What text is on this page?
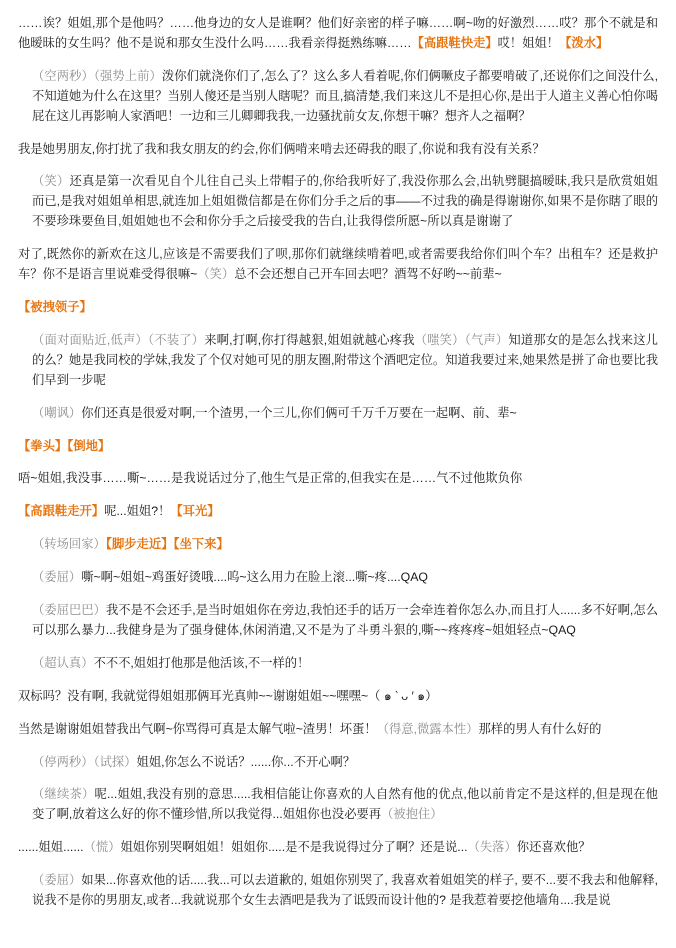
……诶？姐姐,那个是他吗？……他身边的女人是谁啊？他们好亲密的样子嘛……啊~吻的好激烈……哎？那个不就是和他暧昧的女生吗？他不是说和那女生没什么吗……我看亲得挺熟练嘛……【高跟鞋快走】哎！姐姐！【泼水】

（空两秒）（强势上前）泼你们就浇你们了,怎么了？这么多人看着呢,你们俩噘皮子都要啃破了,还说你们之间没什么,不知道她为什么在这里？当别人傻还是当别人瞎呢？而且,搞清楚,我们来这儿不是担心你,是出于人道主义善心怕你喝屁在这儿再影响人家酒吧！一边和三儿卿卿我我,一边骚扰前女友,你想干嘛？想齐人之福啊？

我是她男朋友,你打扰了我和我女朋友的约会,你们俩啃来啃去还碍我的眼了,你说和我有没有关系？

（笑）还真是第一次看见自个儿往自己头上带帽子的,你给我听好了,我没你那么会,出轨劈腿搞暧昧,我只是欣赏姐姐而已,是我对姐姐单相思,就连加上姐姐微信都是在你们分手之后的事——不过我的确是得谢谢你,如果不是你瞎了眼的不要珍珠要鱼目,姐姐她也不会和你分手之后接受我的告白,让我得偿所愿~所以真是谢谢了

对了,既然你的新欢在这儿,应该是不需要我们了呗,那你们就继续啃着吧,或者需要我给你们叫个车？出租车？还是救护车？你不是语言里说难受得很嘛~（笑）总不会还想自己开车回去吧？酒驾不好哟~~前辈~

【被拽领子】

（面对面贴近,低声）（不装了）来啊,打啊,你打得越狠,姐姐就越心疼我（嗤笑）（气声）知道那女的是怎么找来这儿的么？她是我同校的学妹,我发了个仅对她可见的朋友圈,附带这个酒吧定位。知道我要过来,她果然是拼了命也要比我们早到一步呢

（嘲讽）你们还真是很爱对啊,一个渣男,一个三儿,你们俩可千万千万要在一起啊、前、辈~

【拳头】【倒地】

唔~姐姐,我没事……嘶~……是我说话过分了,他生气是正常的,但我实在是……气不过他欺负你

【高跟鞋走开】呢...姐姐?！【耳光】

（转场回家）【脚步走近】【坐下来】

（委屈）嘶~啊~姐姐~鸡蛋好烫哦....呜~这么用力在脸上滚...嘶~疼....QAQ

（委屈巴巴）我不是不会还手,是当时姐姐你在旁边,我怕还手的话万一会牵连着你怎么办,而且打人......多不好啊,怎么可以那么暴力...我健身是为了强身健体,休闲消遣,又不是为了斗勇斗狠的,嘶~~疼疼疼~姐姐轻点~QAQ

（超认真）不不不,姐姐打他那是他活该,不一样的！

双标吗？没有啊, 我就觉得姐姐那俩耳光真帅~~谢谢姐姐~~嘿嘿~（ ๑ ‵ ᴗ ′ ๑）

当然是谢谢姐姐替我出气啊~你骂得可真是太解气啦~渣男！坏蛋！（得意,微露本性）那样的男人有什么好的

（停两秒）（试探）姐姐,你怎么不说话？......你...不开心啊？

（继续茶）呢...姐姐,我没有别的意思.....我相信能让你喜欢的人自然有他的优点,他以前肯定不是这样的,但是现在他变了啊,放着这么好的你不懂珍惜,所以我觉得...姐姐你也没必要再（被抱住）

......姐姐......（慌）姐姐你别哭啊姐姐！姐姐你.....是不是我说得过分了啊？还是说...（失落）你还喜欢他？

（委屈）如果...你喜欢他的话.....我...可以去道歉的, 姐姐你别哭了, 我喜欢着姐姐笑的样子, 要不...要不我去和他解释,说我不是你的男朋友,或者...我就说那个女生去酒吧是我为了诋毁而设计他的? 是我惹着要挖他墙角....我是说
